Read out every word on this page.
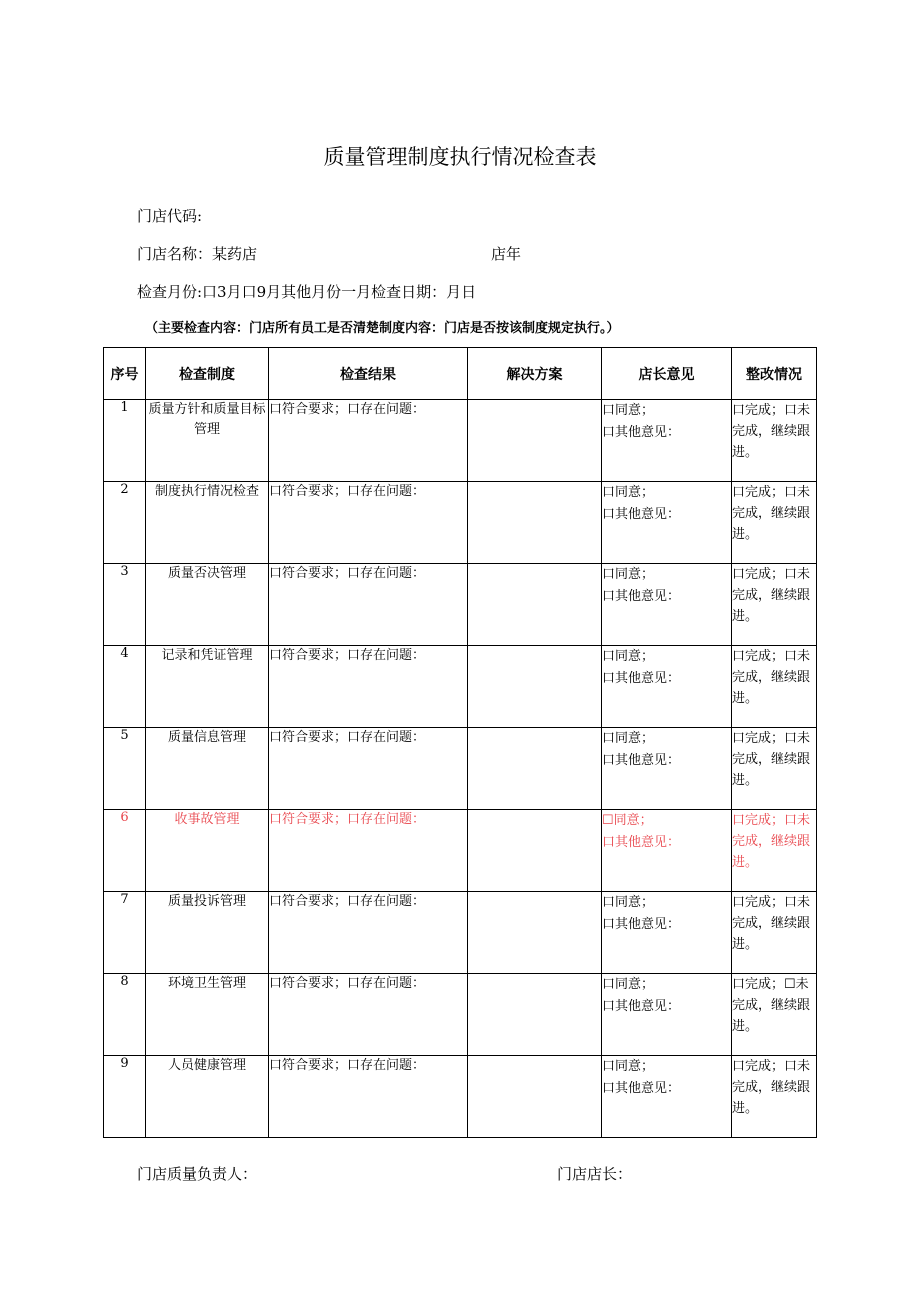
质量管理制度执行情况检查表
门店代码:
门店名称：某药店	店年
检查月份:口3月口9月其他月份一月检查日期：月日
（主要检查内容：门店所有员工是否清楚制度内容：门店是否按该制度规定执行。）
序号	检查制度	检查结果	解决方案	店长意见	整改情况
1	质量方针和质量目标管理	口符合要求；口存在问题：		口同意；
口其他意见：	口完成；口未完成，继续跟进。
2	制度执行情况检查	口符合要求；口存在问题：		口同意；
口其他意见：	口完成；口未完成，继续跟进。
3	质量否决管理	口符合要求；口存在问题：		口同意；
口其他意见：	口完成；口未完成，继续跟进。
4	记录和凭证管理	口符合要求；口存在问题：		口同意；
口其他意见：	口完成；口未完成，继续跟进。
5	质量信息管理	口符合要求；口存在问题：		口同意；
口其他意见：	口完成；口未完成，继续跟进。
6	收事故管理	口符合要求；口存在问题：		☐同意；
口其他意见：	口完成；口未完成，继续跟进。
7	质量投诉管理	口符合要求；口存在问题：		口同意；
口其他意见：	口完成；口未完成，继续跟进。
8	环境卫生管理	口符合要求；口存在问题：		口同意；
口其他意见：	口完成；☐未完成，继续跟进。
9	人员健康管理	口符合要求；口存在问题：		口同意；
口其他意见：	口完成；口未完成，继续跟进。
门店质量负责人：	门店店长：
